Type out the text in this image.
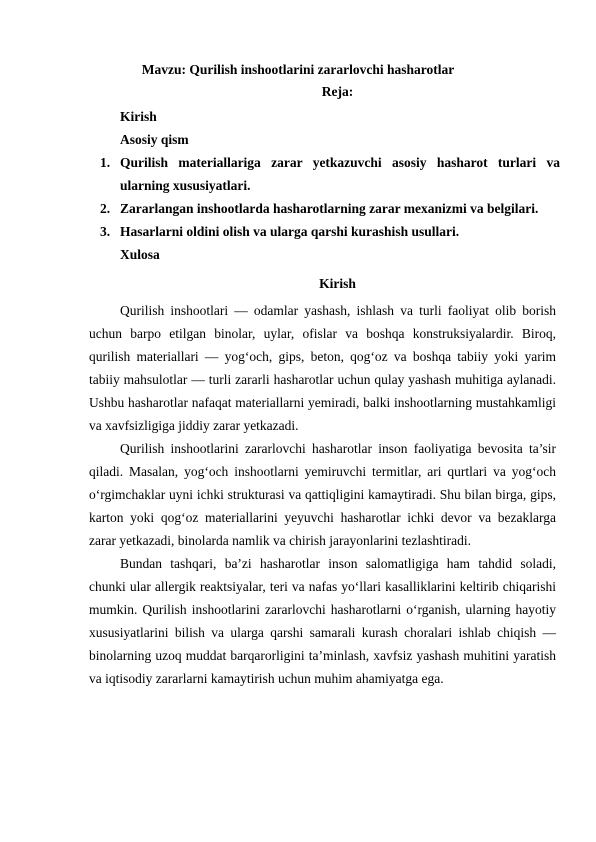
Mavzu: Qurilish inshootlarini zararlovchi hasharotlar
Reja:
Kirish
Asosiy qism
1. Qurilish materiallariga zarar yetkazuvchi asosiy hasharot turlari va ularning xususiyatlari.
2. Zararlangan inshootlarda hasharotlarning zarar mexanizmi va belgilari.
3. Hasarlarni oldini olish va ularga qarshi kurashish usullari.
Xulosa
Kirish

Qurilish inshootlari — odamlar yashash, ishlash va turli faoliyat olib borish uchun barpo etilgan binolar, uylar, ofislar va boshqa konstruksiyalardir. Biroq, qurilish materiallari — yog‘och, gips, beton, qog‘oz va boshqa tabiiy yoki yarim tabiiy mahsulotlar — turli zararli hasharotlar uchun qulay yashash muhitiga aylanadi. Ushbu hasharotlar nafaqat materiallarni yemiradi, balki inshootlarning mustahkamligi va xavfsizligiga jiddiy zarar yetkazadi.

Qurilish inshootlarini zararlovchi hasharotlar inson faoliyatiga bevosita ta’sir qiladi. Masalan, yog‘och inshootlarni yemiruvchi termitlar, ari qurtlari va yog‘och o‘rgimchaklar uyni ichki strukturasi va qattiqligini kamaytiradi. Shu bilan birga, gips, karton yoki qog‘oz materiallarini yeyuvchi hasharotlar ichki devor va bezaklarga zarar yetkazadi, binolarda namlik va chirish jarayonlarini tezlashtiradi.

Bundan tashqari, ba’zi hasharotlar inson salomatligiga ham tahdid soladi, chunki ular allergik reaktsiyalar, teri va nafas yo‘llari kasalliklarini keltirib chiqarishi mumkin. Qurilish inshootlarini zararlovchi hasharotlarni o‘rganish, ularning hayotiy xususiyatlarini bilish va ularga qarshi samarali kurash choralari ishlab chiqish — binolarning uzoq muddat barqarorligini ta’minlash, xavfsiz yashash muhitini yaratish va iqtisodiy zararlarni kamaytirish uchun muhim ahamiyatga ega.
